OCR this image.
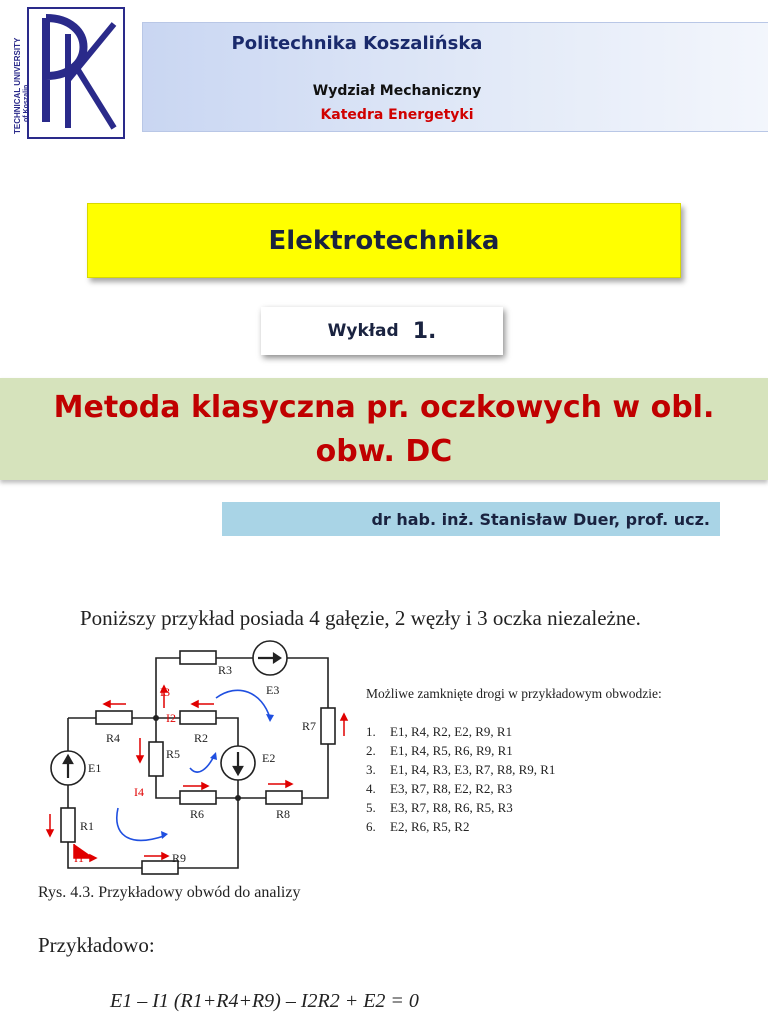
TECHNICAL UNIVERSITY of Koszalin
Politechnika Koszalińska
Wydział Mechaniczny
Katedra Energetyki
Elektrotechnika
Wykład 1.
Metoda klasyczna pr. oczkowych w obl.
obw. DC
dr hab. inż. Stanisław Duer, prof. ucz.
Poniższy przykład posiada 4 gałęzie, 2 węzły i 3 oczka niezależne.
R3
E3
R4	R2
R5	E2
R7
E1
R6	R8
R1
R9
I3
I2
I4
I1
Możliwe zamknięte drogi w przykładowym obwodzie:
1. E1, R4, R2, E2, R9, R1
2. E1, R4, R5, R6, R9, R1
3. E1, R4, R3, E3, R7, R8, R9, R1
4. E3, R7, R8, E2, R2, R3
5. E3, R7, R8, R6, R5, R3
6. E2, R6, R5, R2
Rys. 4.3. Przykładowy obwód do analizy
Przykładowo:
E1 – I1 (R1+R4+R9) – I2R2 + E2 = 0
